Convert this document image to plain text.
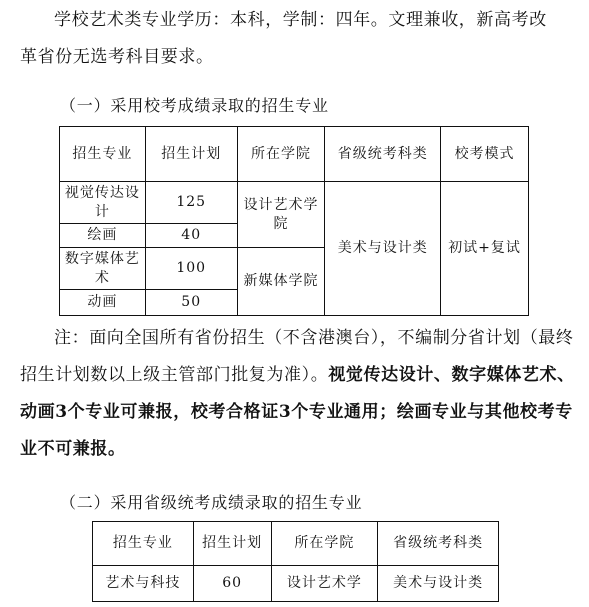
学校艺术类专业学历：本科，学制：四年。文理兼收，新高考改
革省份无选考科目要求。

（一）采用校考成绩录取的招生专业

招生专业	招生计划	所在学院	省级统考科类	校考模式
视觉传达设计	125	设计艺术学院	美术与设计类	初试+复试
绘画	40			
数字媒体艺术	100	新媒体学院		
动画	50			

注：面向全国所有省份招生（不含港澳台），不编制分省计划（最终招生计划数以上级主管部门批复为准）。视觉传达设计、数字媒体艺术、动画3个专业可兼报，校考合格证3个专业通用；绘画专业与其他校考专业不可兼报。

（二）采用省级统考成绩录取的招生专业

招生专业	招生计划	所在学院	省级统考科类
艺术与科技	60	设计艺术学	美术与设计类
